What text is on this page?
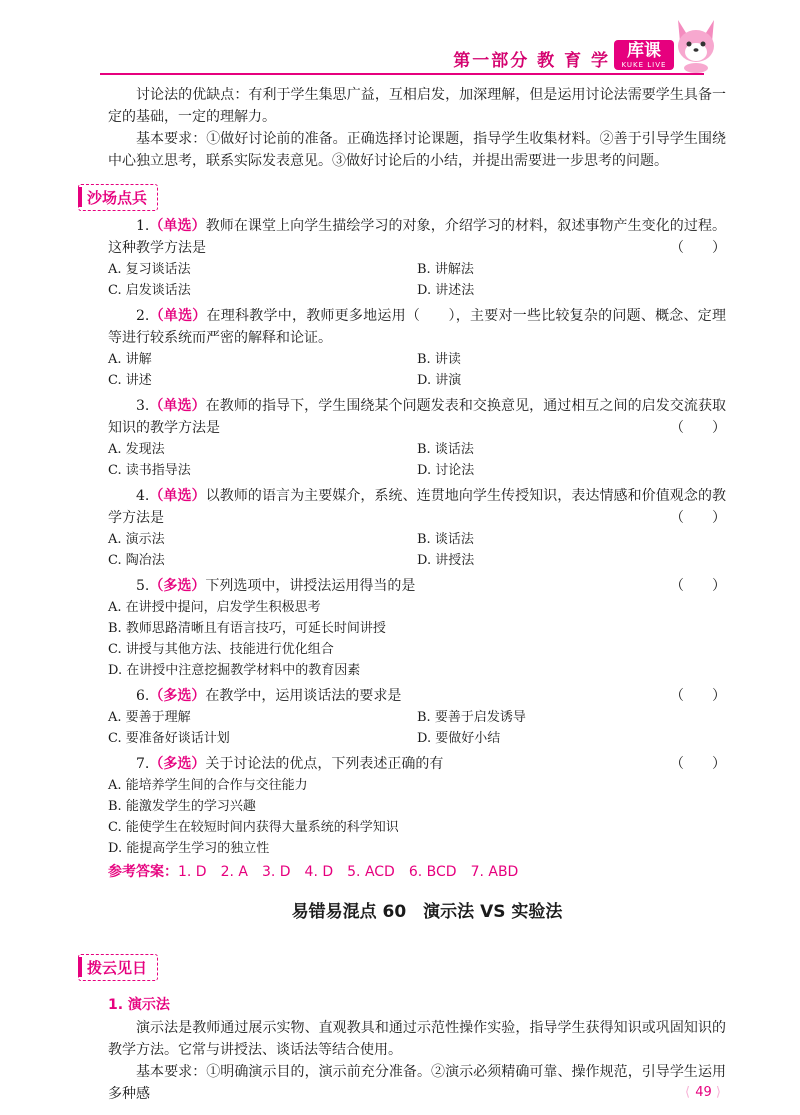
第一部分 教 育 学	库课
KUKE LIVE

讨论法的优缺点：有利于学生集思广益，互相启发，加深理解，但是运用讨论法需要学生具备一定的基础，一定的理解力。

基本要求：①做好讨论前的准备。正确选择讨论课题，指导学生收集材料。②善于引导学生围绕中心独立思考，联系实际发表意见。③做好讨论后的小结，并提出需要进一步思考的问题。

沙场点兵
1.（单选）教师在课堂上向学生描绘学习的对象，介绍学习的材料，叙述事物产生变化的过程。这种教学方法是	（　　）
A. 复习谈话法	B. 讲解法
C. 启发谈话法	D. 讲述法
2.（单选）在理科教学中，教师更多地运用（　　），主要对一些比较复杂的问题、概念、定理等进行较系统而严密的解释和论证。
A. 讲解	B. 讲读
C. 讲述	D. 讲演
3.（单选）在教师的指导下，学生围绕某个问题发表和交换意见，通过相互之间的启发交流获取知识的教学方法是	（　　）
A. 发现法	B. 谈话法
C. 读书指导法	D. 讨论法
4.（单选）以教师的语言为主要媒介，系统、连贯地向学生传授知识，表达情感和价值观念的教学方法是	（　　）
A. 演示法	B. 谈话法
C. 陶冶法	D. 讲授法
5.（多选）下列选项中，讲授法运用得当的是	（　　）
A. 在讲授中提问，启发学生积极思考
B. 教师思路清晰且有语言技巧，可延长时间讲授
C. 讲授与其他方法、技能进行优化组合
D. 在讲授中注意挖掘教学材料中的教育因素
6.（多选）在教学中，运用谈话法的要求是	（　　）
A. 要善于理解	B. 要善于启发诱导
C. 要准备好谈话计划	D. 要做好小结
7.（多选）关于讨论法的优点，下列表述正确的有	（　　）
A. 能培养学生间的合作与交往能力
B. 能激发学生的学习兴趣
C. 能使学生在较短时间内获得大量系统的科学知识
D. 能提高学生学习的独立性
参考答案：1. D　2. A　3. D　4. D　5. ACD　6. BCD　7. ABD
易错易混点 60　演示法 VS 实验法
拨云见日
1. 演示法

演示法是教师通过展示实物、直观教具和通过示范性操作实验，指导学生获得知识或巩固知识的教学方法。它常与讲授法、谈话法等结合使用。

基本要求：①明确演示目的，演示前充分准备。②演示必须精确可靠、操作规范，引导学生运用多种感	⟨ 49 ⟩
